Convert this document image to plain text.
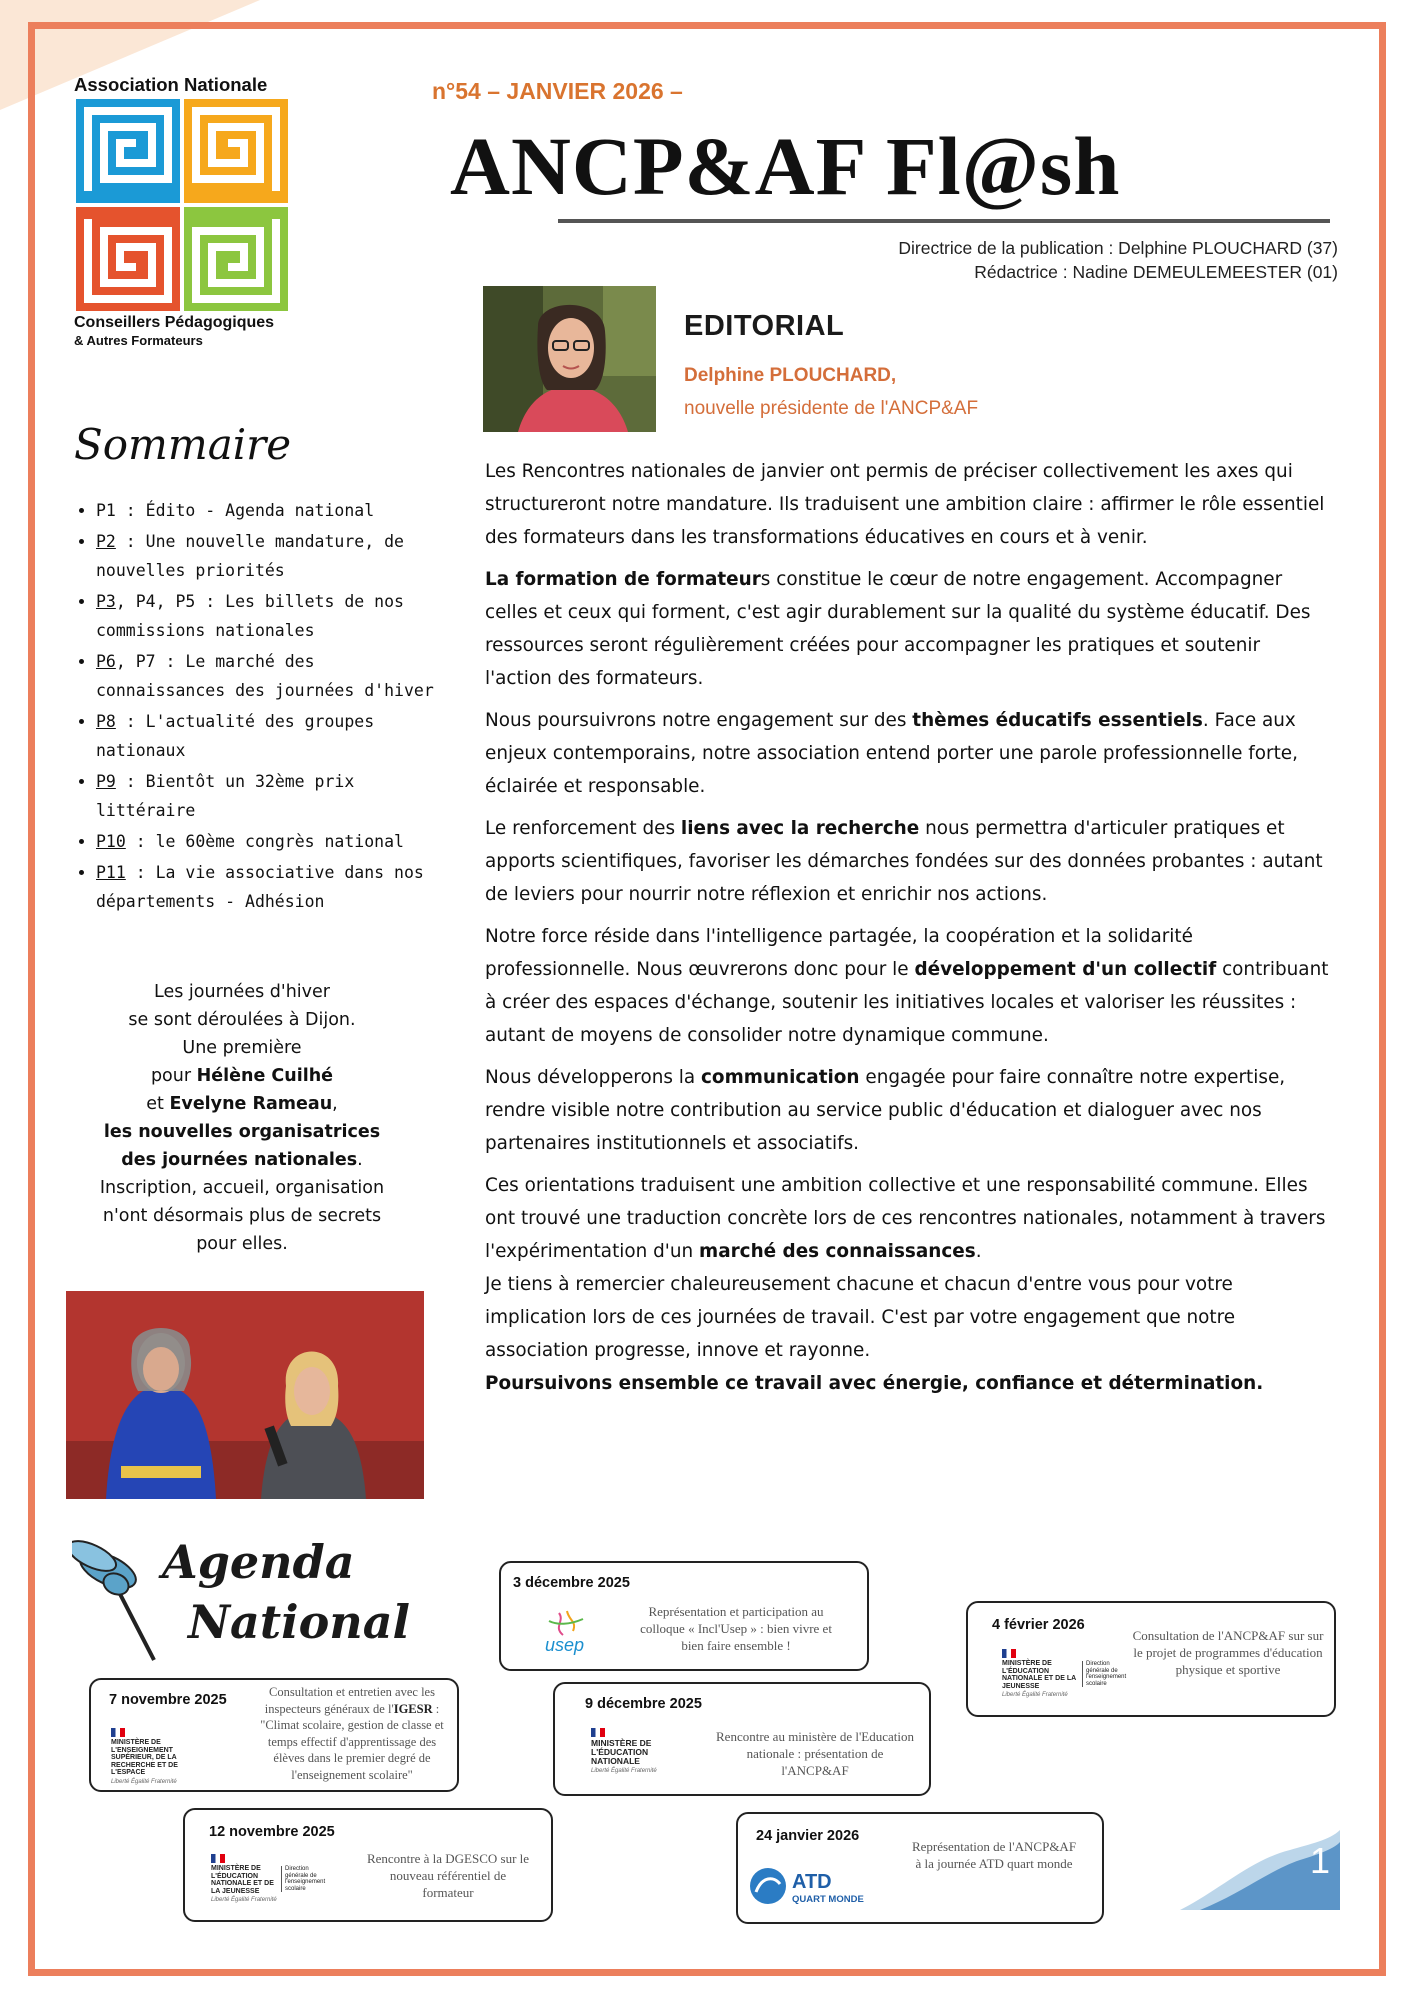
Association Nationale
Conseillers Pédagogiques
& Autres Formateurs
n°54 – JANVIER 2026 –
ANCP&AF Fl@sh
Directrice de la publication : Delphine PLOUCHARD (37)
Rédactrice : Nadine DEMEULEMEESTER (01)
EDITORIAL
Delphine PLOUCHARD,
nouvelle présidente de l'ANCP&AF

Les Rencontres nationales de janvier ont permis de préciser collectivement les axes qui structureront notre mandature. Ils traduisent une ambition claire : affirmer le rôle essentiel des formateurs dans les transformations éducatives en cours et à venir.

La formation de formateurs constitue le cœur de notre engagement. Accompagner celles et ceux qui forment, c'est agir durablement sur la qualité du système éducatif. Des ressources seront régulièrement créées pour accompagner les pratiques et soutenir l'action des formateurs.

Nous poursuivrons notre engagement sur des thèmes éducatifs essentiels. Face aux enjeux contemporains, notre association entend porter une parole professionnelle forte, éclairée et responsable.

Le renforcement des liens avec la recherche nous permettra d'articuler pratiques et apports scientifiques, favoriser les démarches fondées sur des données probantes : autant de leviers pour nourrir notre réflexion et enrichir nos actions.

Notre force réside dans l'intelligence partagée, la coopération et la solidarité professionnelle. Nous œuvrerons donc pour le développement d'un collectif contribuant à créer des espaces d'échange, soutenir les initiatives locales et valoriser les réussites : autant de moyens de consolider notre dynamique commune.

Nous développerons la communication engagée pour faire connaître notre expertise, rendre visible notre contribution au service public d'éducation et dialoguer avec nos partenaires institutionnels et associatifs.

Ces orientations traduisent une ambition collective et une responsabilité commune. Elles ont trouvé une traduction concrète lors de ces rencontres nationales, notamment à travers l'expérimentation d'un marché des connaissances.

Je tiens à remercier chaleureusement chacune et chacun d'entre vous pour votre implication lors de ces journées de travail. C'est par votre engagement que notre association progresse, innove et rayonne.

Poursuivons ensemble ce travail avec énergie, confiance et détermination.

Sommaire
• P1 : Édito - Agenda national
• P2 : Une nouvelle mandature, de nouvelles priorités
• P3, P4, P5 : Les billets de nos commissions nationales
• P6, P7 : Le marché des connaissances des journées d'hiver
• P8 : L'actualité des groupes nationaux
• P9 : Bientôt un 32ème prix littéraire
• P10 : le 60ème congrès national
• P11 : La vie associative dans nos départements - Adhésion
Les journées d'hiver
se sont déroulées à Dijon.
Une première
pour Hélène Cuilhé
et Evelyne Rameau,
les nouvelles organisatrices
des journées nationales.
Inscription, accueil, organisation
n'ont désormais plus de secrets
pour elles.
Agenda
National
3 décembre 2025
usep
Représentation et participation au colloque « Incl'Usep » : bien vivre et bien faire ensemble !
4 février 2026
MINISTÈRE DE L'ÉDUCATION NATIONALE ET DE LA JEUNESSE
Liberté Égalité Fraternité
Direction générale de l'enseignement scolaire
Consultation de l'ANCP&AF sur sur le projet de programmes d'éducation physique et sportive
7 novembre 2025
MINISTÈRE DE L'ENSEIGNEMENT SUPÉRIEUR, DE LA RECHERCHE ET DE L'ESPACE
Liberté Égalité Fraternité
Consultation et entretien avec les inspecteurs généraux de l'IGESR : "Climat scolaire, gestion de classe et temps effectif d'apprentissage des élèves dans le premier degré de l'enseignement scolaire"
9 décembre 2025
MINISTÈRE DE L'ÉDUCATION NATIONALE
Liberté Égalité Fraternité
Rencontre au ministère de l'Education nationale : présentation de l'ANCP&AF
12 novembre 2025
MINISTÈRE DE L'ÉDUCATION NATIONALE ET DE LA JEUNESSE
Liberté Égalité Fraternité
Direction générale de l'enseignement scolaire
Rencontre à la DGESCO sur le nouveau référentiel de formateur
24 janvier 2026
ATD
QUART MONDE
Représentation de l'ANCP&AF à la journée ATD quart monde	1
